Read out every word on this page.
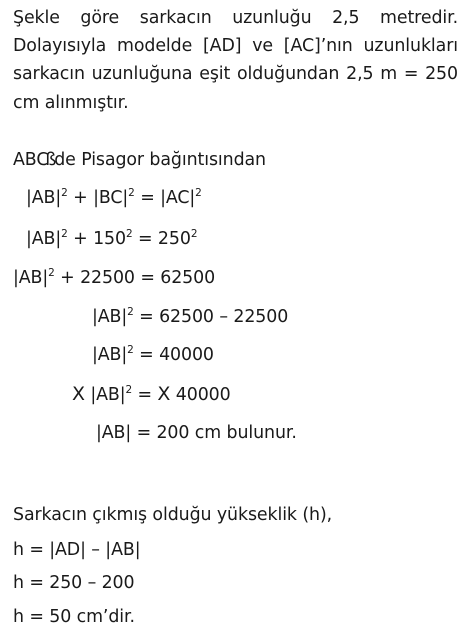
Şekle göre sarkacın uzunluğu 2,5 metredir.
Dolayısıyla modelde [AD] ve [AC]’nın uzunlukları
sarkacın uzunluğuna eşit olduğundan 2,5 m = 250
cm alınmıştır.
ABCßde Pisagor bağıntısından
$|AB|^2 + |BC|^2 = |AC|^2$
$|AB|^2 + 150^2 = 250^2$
$|AB|^2 + 22500 = 62500$
$|AB|^2 = 62500 - 22500$
$|AB|^2 = 40000$
X $|AB|^2 = X$ 40000
|AB| = 200 cm bulunur.
Sarkacın çıkmış olduğu yükseklik (h),
h = |AD| – |AB|
h = 250 – 200
h = 50 cm’dir.
